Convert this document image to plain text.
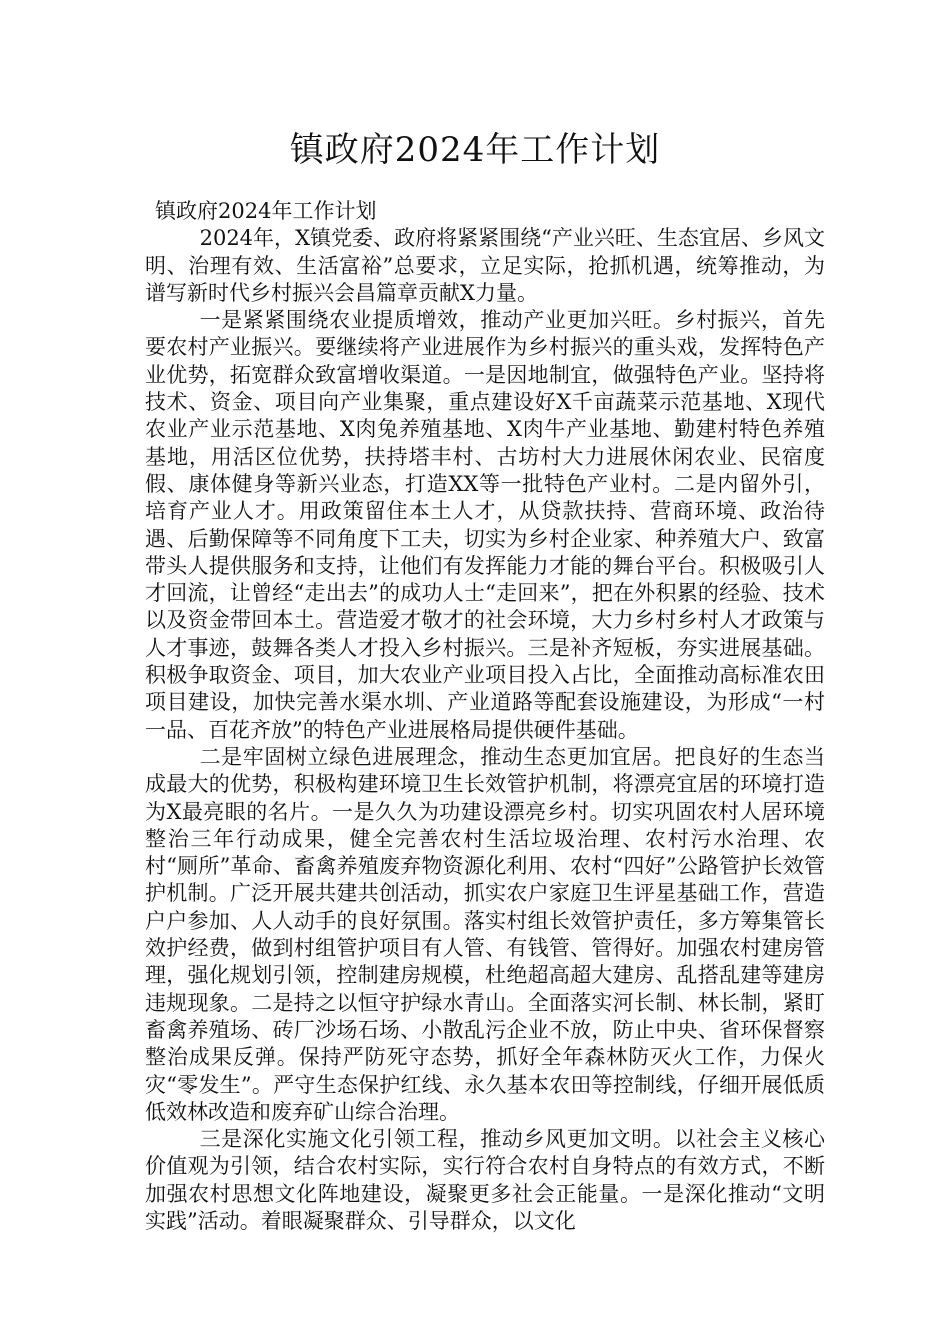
镇政府2024年工作计划

镇政府2024年工作计划

2024年，X镇党委、政府将紧紧围绕“产业兴旺、生态宜居、乡风文明、治理有效、生活富裕”总要求，立足实际，抢抓机遇，统筹推动，为谱写新时代乡村振兴会昌篇章贡献X力量。

一是紧紧围绕农业提质增效，推动产业更加兴旺。乡村振兴，首先要农村产业振兴。要继续将产业进展作为乡村振兴的重头戏，发挥特色产业优势，拓宽群众致富增收渠道。一是因地制宜，做强特色产业。坚持将技术、资金、项目向产业集聚，重点建设好X千亩蔬菜示范基地、X现代农业产业示范基地、X肉兔养殖基地、X肉牛产业基地、勤建村特色养殖基地，用活区位优势，扶持塔丰村、古坊村大力进展休闲农业、民宿度假、康体健身等新兴业态，打造XX等一批特色产业村。二是内留外引，培育产业人才。用政策留住本土人才，从贷款扶持、营商环境、政治待遇、后勤保障等不同角度下工夫，切实为乡村企业家、种养殖大户、致富带头人提供服务和支持，让他们有发挥能力才能的舞台平台。积极吸引人才回流，让曾经“走出去”的成功人士“走回来”，把在外积累的经验、技术以及资金带回本土。营造爱才敬才的社会环境，大力乡村乡村人才政策与人才事迹，鼓舞各类人才投入乡村振兴。三是补齐短板，夯实进展基础。积极争取资金、项目，加大农业产业项目投入占比，全面推动高标准农田项目建设，加快完善水渠水圳、产业道路等配套设施建设，为形成“一村一品、百花齐放”的特色产业进展格局提供硬件基础。

二是牢固树立绿色进展理念，推动生态更加宜居。把良好的生态当成最大的优势，积极构建环境卫生长效管护机制，将漂亮宜居的环境打造为X最亮眼的名片。一是久久为功建设漂亮乡村。切实巩固农村人居环境整治三年行动成果，健全完善农村生活垃圾治理、农村污水治理、农村“厕所”革命、畜禽养殖废弃物资源化利用、农村“四好”公路管护长效管护机制。广泛开展共建共创活动，抓实农户家庭卫生评星基础工作，营造户户参加、人人动手的良好氛围。落实村组长效管护责任，多方筹集管长效护经费，做到村组管护项目有人管、有钱管、管得好。加强农村建房管理，强化规划引领，控制建房规模，杜绝超高超大建房、乱搭乱建等建房违规现象。二是持之以恒守护绿水青山。全面落实河长制、林长制，紧盯畜禽养殖场、砖厂沙场石场、小散乱污企业不放，防止中央、省环保督察整治成果反弹。保持严防死守态势，抓好全年森林防灭火工作，力保火灾“零发生”。严守生态保护红线、永久基本农田等控制线，仔细开展低质低效林改造和废弃矿山综合治理。

三是深化实施文化引领工程，推动乡风更加文明。以社会主义核心价值观为引领，结合农村实际，实行符合农村自身特点的有效方式，不断加强农村思想文化阵地建设，凝聚更多社会正能量。一是深化推动“文明实践”活动。着眼凝聚群众、引导群众，以文化
